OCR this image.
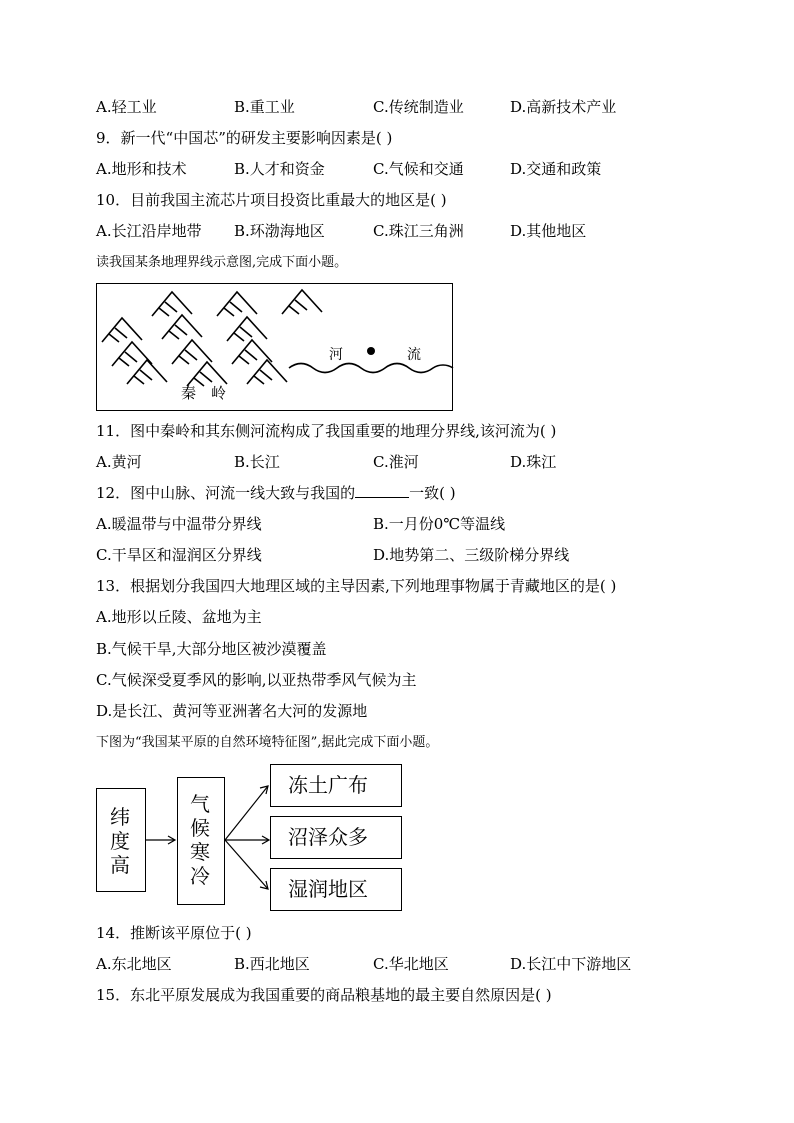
A.轻工业	B.重工业	C.传统制造业	D.高新技术产业
9．新一代“中国芯”的研发主要影响因素是( )
A.地形和技术	B.人才和资金	C.气候和交通	D.交通和政策
10．目前我国主流芯片项目投资比重最大的地区是( )
A.长江沿岸地带 B.环渤海地区	C.珠江三角洲	D.其他地区
读我国某条地理界线示意图,完成下面小题。
秦 岭
河	流
11．图中秦岭和其东侧河流构成了我国重要的地理分界线,该河流为( )
A.黄河	B.长江	C.淮河	D.珠江
12．图中山脉、河流一线大致与我国的	一致( )
A.暖温带与中温带分界线	B.一月份0℃等温线
C.干旱区和湿润区分界线	D.地势第二、三级阶梯分界线
13．根据划分我国四大地理区域的主导因素,下列地理事物属于青藏地区的是( )
A.地形以丘陵、盆地为主
B.气候干旱,大部分地区被沙漠覆盖
C.气候深受夏季风的影响,以亚热带季风气候为主
D.是长江、黄河等亚洲著名大河的发源地
下图为“我国某平原的自然环境特征图”,据此完成下面小题。
纬
度
高
气
候
寒
冷
冻土广布
沼泽众多
湿润地区
14．推断该平原位于( )
A.东北地区	B.西北地区	C.华北地区	D.长江中下游地区
15．东北平原发展成为我国重要的商品粮基地的最主要自然原因是( )
